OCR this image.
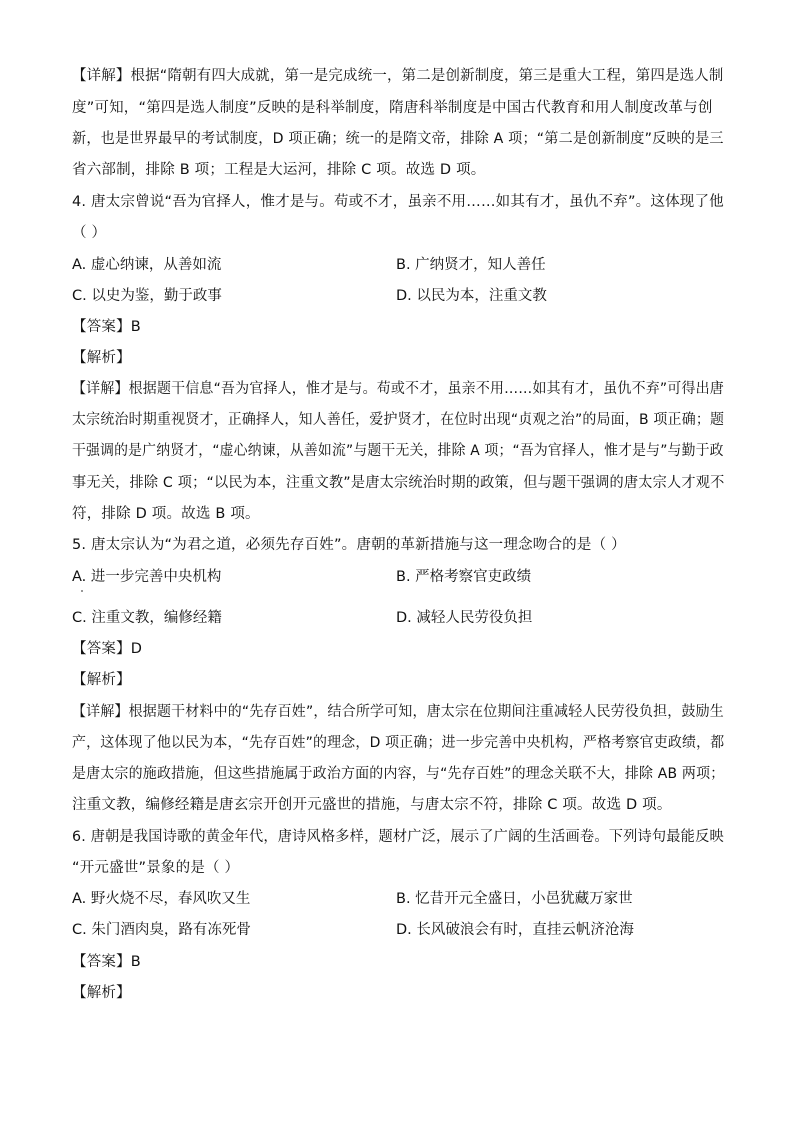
【详解】根据“隋朝有四大成就，第一是完成统一，第二是创新制度，第三是重大工程，第四是选人制
度”可知，“第四是选人制度”反映的是科举制度，隋唐科举制度是中国古代教育和用人制度改革与创
新，也是世界最早的考试制度，D 项正确；统一的是隋文帝，排除 A 项；“第二是创新制度”反映的是三
省六部制，排除 B 项；工程是大运河，排除 C 项。故选 D 项。
4. 唐太宗曾说“吾为官择人，惟才是与。苟或不才，虽亲不用……如其有才，虽仇不弃”。这体现了他
（ ）
A. 虚心纳谏，从善如流	B. 广纳贤才，知人善任
C. 以史为鉴，勤于政事	D. 以民为本，注重文教
【答案】B
【解析】
【详解】根据题干信息“吾为官择人，惟才是与。苟或不才，虽亲不用……如其有才，虽仇不弃”可得出唐
太宗统治时期重视贤才，正确择人，知人善任，爱护贤才，在位时出现“贞观之治”的局面，B 项正确；题
干强调的是广纳贤才，“虚心纳谏，从善如流”与题干无关，排除 A 项；“吾为官择人，惟才是与”与勤于政
事无关，排除 C 项；“以民为本，注重文教”是唐太宗统治时期的政策，但与题干强调的唐太宗人才观不
符，排除 D 项。故选 B 项。
5. 唐太宗认为“为君之道，必须先存百姓”。唐朝的革新措施与这一理念吻合的是（ ）
A. 进一步完善中央机构	B. 严格考察官吏政绩
C. 注重文教，编修经籍	D. 减轻人民劳役负担
【答案】D
【解析】
【详解】根据题干材料中的“先存百姓”，结合所学可知，唐太宗在位期间注重减轻人民劳役负担，鼓励生
产，这体现了他以民为本，“先存百姓”的理念，D 项正确；进一步完善中央机构，严格考察官吏政绩，都
是唐太宗的施政措施，但这些措施属于政治方面的内容，与“先存百姓”的理念关联不大，排除 AB 两项；
注重文教，编修经籍是唐玄宗开创开元盛世的措施，与唐太宗不符，排除 C 项。故选 D 项。
6. 唐朝是我国诗歌的黄金年代，唐诗风格多样，题材广泛，展示了广阔的生活画卷。下列诗句最能反映
“开元盛世”景象的是（ ）
A. 野火烧不尽，春风吹又生	B. 忆昔开元全盛日，小邑犹藏万家世
C. 朱门酒肉臭，路有冻死骨	D. 长风破浪会有时，直挂云帆济沧海
【答案】B
【解析】
